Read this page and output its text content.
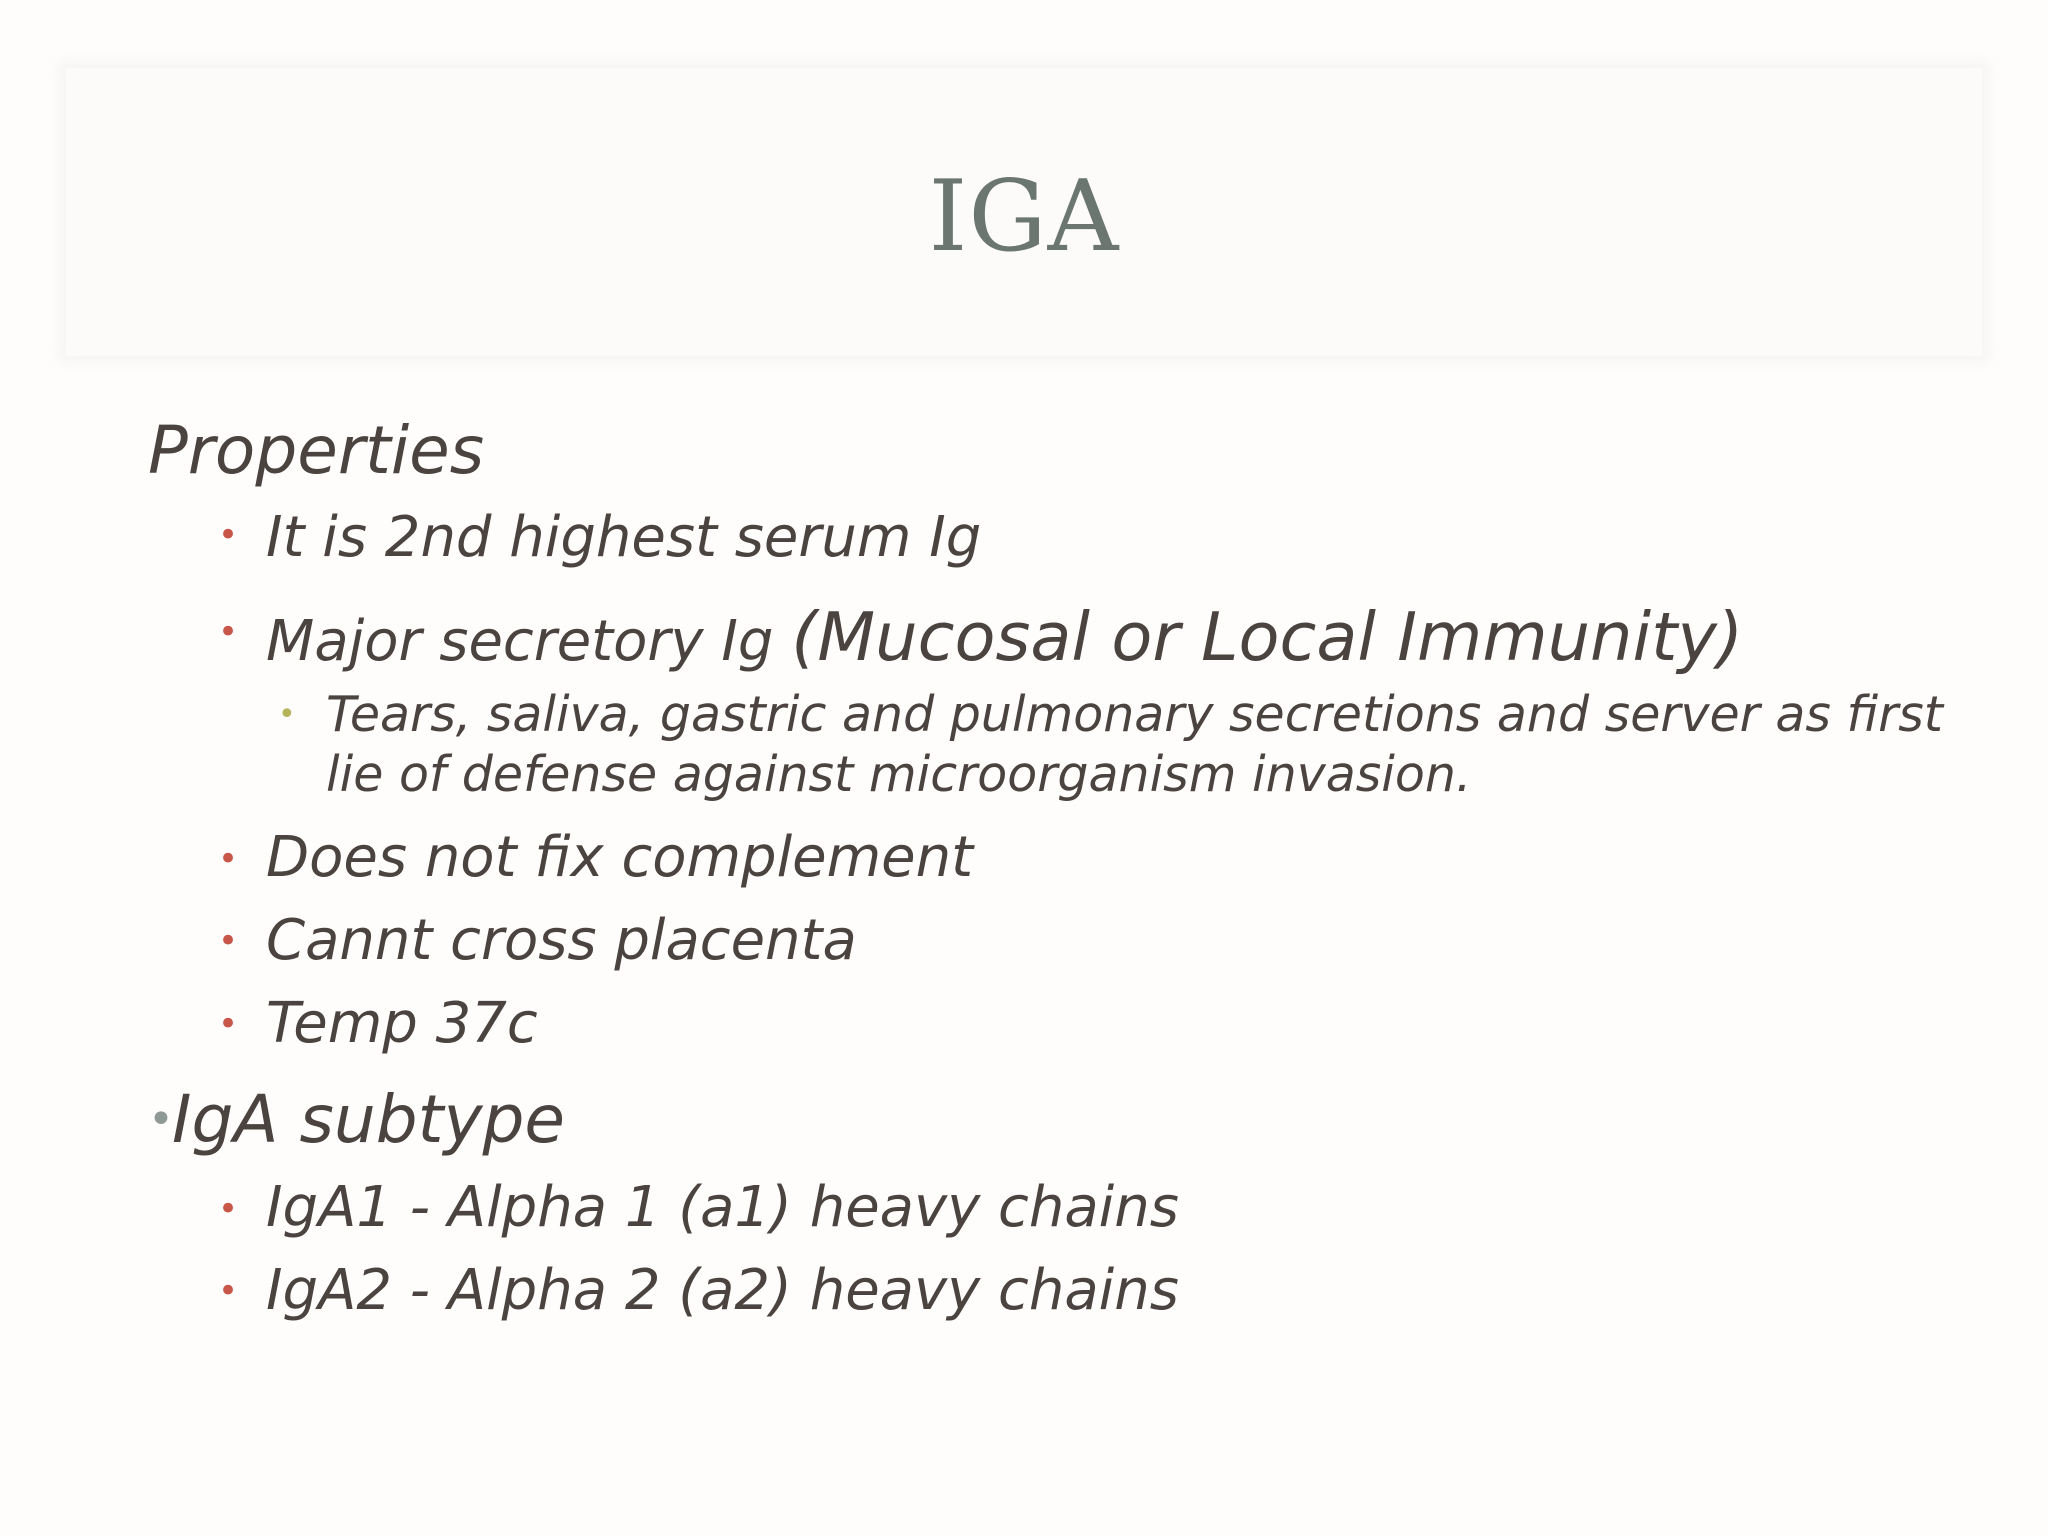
Properties
• It is 2nd highest serum Ig
• Major secretory Ig (Mucosal or Local Immunity)
• Tears, saliva, gastric and pulmonary secretions and server as first
lie of defense against microorganism invasion.
• Does not fix complement
• Cannt cross placenta
• Temp 37c
•
IgA subtype
• IgA1 - Alpha 1 (a1) heavy chains
• IgA2 - Alpha 2 (a2) heavy chains
